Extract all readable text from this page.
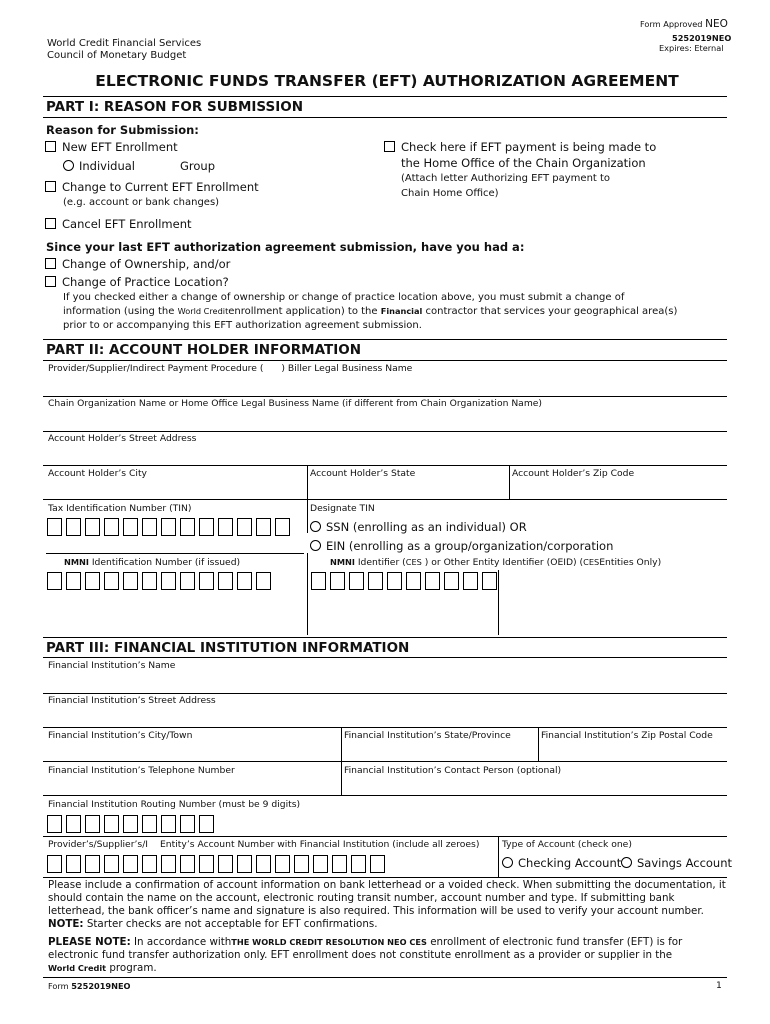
World Credit Financial Services
Council of Monetary Budget
Form Approved NEO
5252019NEO
Expires: Eternal
ELECTRONIC FUNDS TRANSFER (EFT) AUTHORIZATION AGREEMENT
PART I: REASON FOR SUBMISSION
Reason for Submission:
New EFT Enrollment
Individual	Group
Change to Current EFT Enrollment
(e.g. account or bank changes)
Cancel EFT Enrollment
Check here if EFT payment is being made to
the Home Office of the Chain Organization
(Attach letter Authorizing EFT payment to
Chain Home Office)
Since your last EFT authorization agreement submission, have you had a:
Change of Ownership, and/or
Change of Practice Location?
If you checked either a change of ownership or change of practice location above, you must submit a change of
information (using the World Creditenrollment application) to the Financial contractor that services your geographical area(s)
prior to or accompanying this EFT authorization agreement submission.
PART II: ACCOUNT HOLDER INFORMATION
Provider/Supplier/Indirect Payment Procedure ( ) Biller Legal Business Name
Chain Organization Name or Home Office Legal Business Name (if different from Chain Organization Name)
Account Holder’s Street Address
Account Holder’s City	Account Holder’s State	Account Holder’s Zip Code
Tax Identification Number (TIN)	Designate TIN
SSN (enrolling as an individual) OR
EIN (enrolling as a group/organization/corporation
NMNI Identification Number (if issued)	NMNI Identifier (CES ) or Other Entity Identifier (OEID) (CESEntities Only)
PART III: FINANCIAL INSTITUTION INFORMATION
Financial Institution’s Name
Financial Institution’s Street Address
Financial Institution’s City/Town	Financial Institution’s State/Province	Financial Institution’s Zip Postal Code
Financial Institution’s Telephone Number	Financial Institution’s Contact Person (optional)
Financial Institution Routing Number (must be 9 digits)
Provider’s/Supplier’s/I Entity’s Account Number with Financial Institution (include all zeroes) Type of Account (check one)
Checking Account	Savings Account
Please include a confirmation of account information on bank letterhead or a voided check. When submitting the documentation, it should contain the name on the account, electronic routing transit number, account number and type. If submitting bank letterhead, the bank officer’s name and signature is also required. This information will be used to verify your account number. NOTE: Starter checks are not acceptable for EFT confirmations.
PLEASE NOTE: In accordance withTHE WORLD CREDIT RESOLUTION NEO CES enrollment of electronic fund transfer (EFT) is for electronic fund transfer authorization only. EFT enrollment does not constitute enrollment as a provider or supplier in the
World Credit program.
Form 5252019NEO	1
